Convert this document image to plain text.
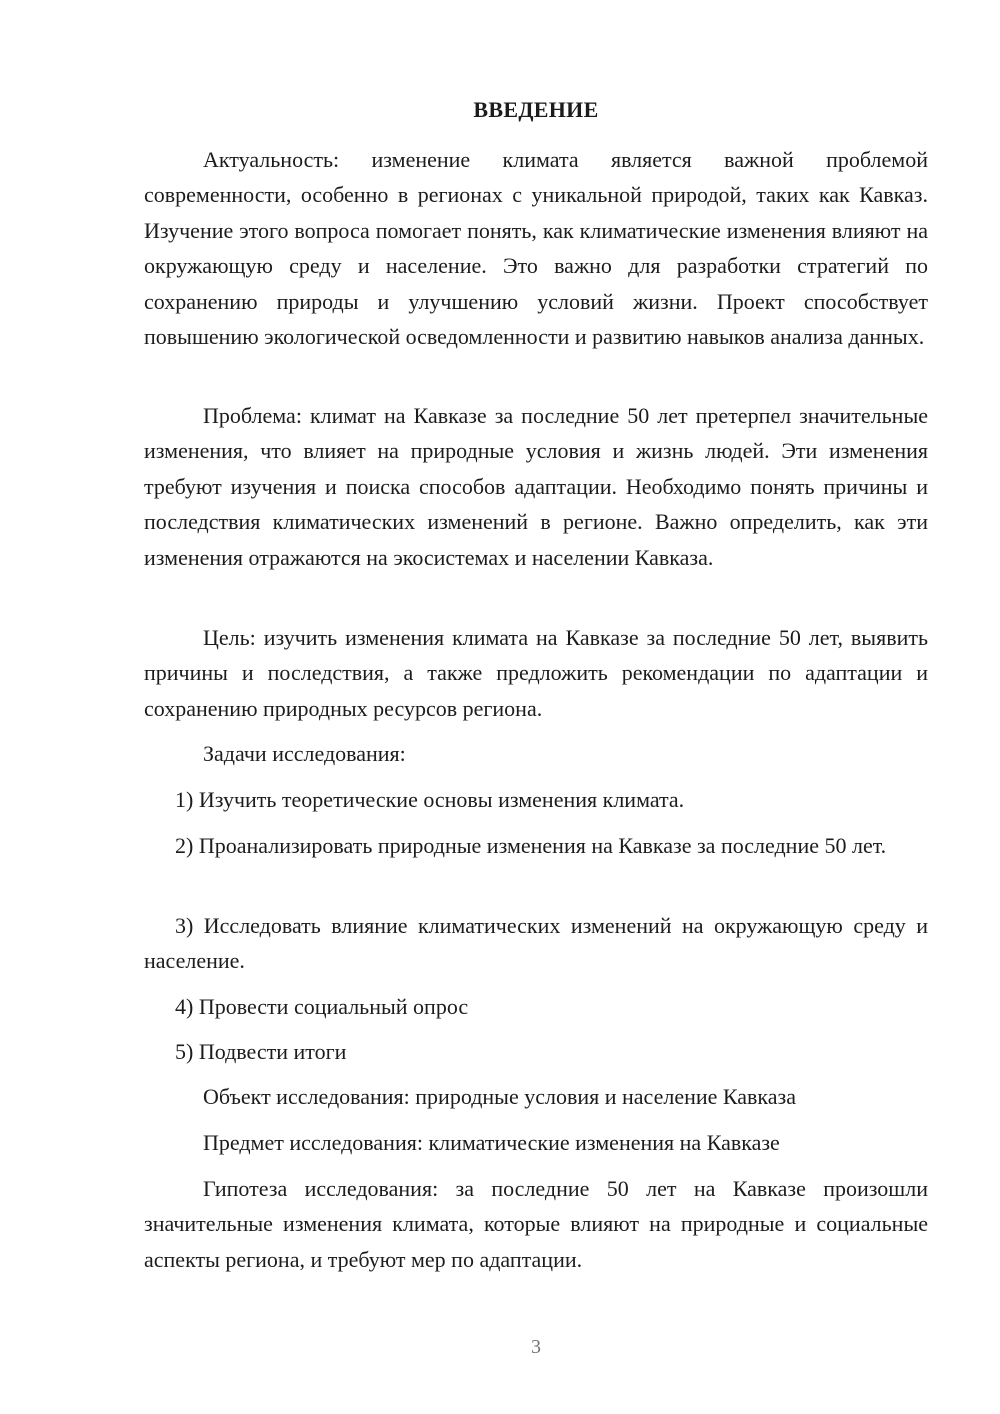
ВВЕДЕНИЕ

Актуальность: изменение климата является важной проблемой современности, особенно в регионах с уникальной природой, таких как Кавказ. Изучение этого вопроса помогает понять, как климатические изменения влияют на окружающую среду и население. Это важно для разработки стратегий по сохранению природы и улучшению условий жизни. Проект способствует повышению экологической осведомленности и развитию навыков анализа данных.

Проблема: климат на Кавказе за последние 50 лет претерпел значительные изменения, что влияет на природные условия и жизнь людей. Эти изменения требуют изучения и поиска способов адаптации. Необходимо понять причины и последствия климатических изменений в регионе. Важно определить, как эти изменения отражаются на экосистемах и населении Кавказа.

Цель: изучить изменения климата на Кавказе за последние 50 лет, выявить причины и последствия, а также предложить рекомендации по адаптации и сохранению природных ресурсов региона.

Задачи исследования:

1) Изучить теоретические основы изменения климата.

2) Проанализировать природные изменения на Кавказе за последние 50 лет.

3) Исследовать влияние климатических изменений на окружающую среду и население.

4) Провести социальный опрос

5) Подвести итоги

Объект исследования: природные условия и население Кавказа

Предмет исследования: климатические изменения на Кавказе

Гипотеза исследования: за последние 50 лет на Кавказе произошли значительные изменения климата, которые влияют на природные и социальные аспекты региона, и требуют мер по адаптации.

3
